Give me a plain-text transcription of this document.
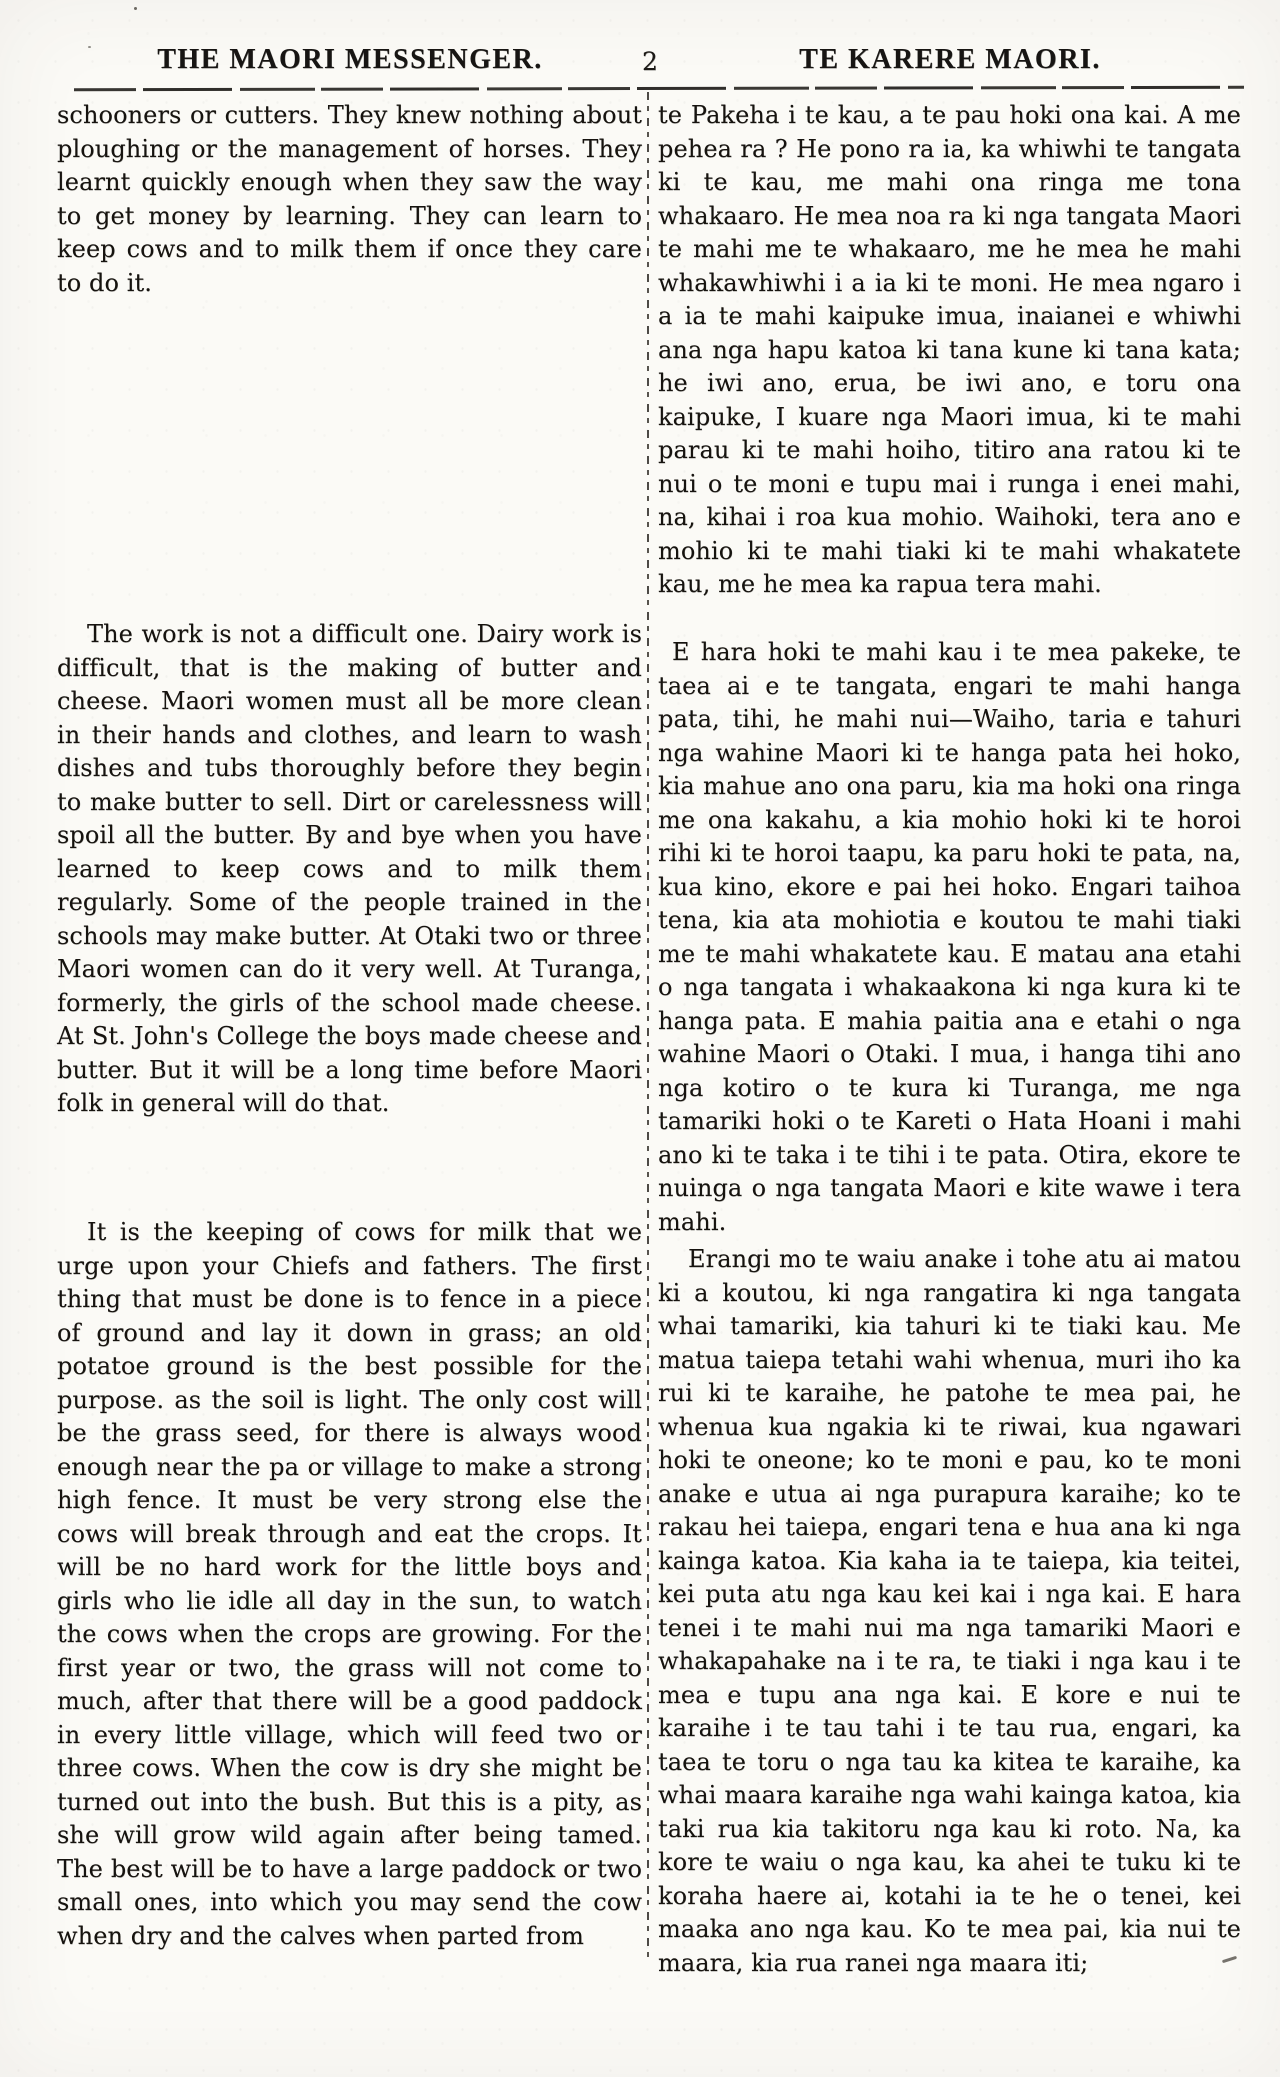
THE MAORI MESSENGER.	2	TE KARERE MAORI.

schooners or cutters. They knew nothing about ploughing or the management of horses. They learnt quickly enough when they saw the way to get money by learning. They can learn to keep cows and to milk them if once they care to do it.

The work is not a difficult one. Dairy work is difficult, that is the making of butter and cheese. Maori women must all be more clean in their hands and clothes, and learn to wash dishes and tubs thoroughly before they begin to make butter to sell. Dirt or carelessness will spoil all the butter. By and bye when you have learned to keep cows and to milk them regularly. Some of the people trained in the schools may make butter. At Otaki two or three Maori women can do it very well. At Turanga, formerly, the girls of the school made cheese. At St. John's College the boys made cheese and butter. But it will be a long time before Maori folk in general will do that.

It is the keeping of cows for milk that we urge upon your Chiefs and fathers. The first thing that must be done is to fence in a piece of ground and lay it down in grass; an old potatoe ground is the best possible for the purpose. as the soil is light. The only cost will be the grass seed, for there is always wood enough near the pa or village to make a strong high fence. It must be very strong else the cows will break through and eat the crops. It will be no hard work for the little boys and girls who lie idle all day in the sun, to watch the cows when the crops are growing. For the first year or two, the grass will not come to much, after that there will be a good paddock in every little village, which will feed two or three cows. When the cow is dry she might be turned out into the bush. But this is a pity, as she will grow wild again after being tamed. The best will be to have a large paddock or two small ones, into which you may send the cow when dry and the calves when parted from

te Pakeha i te kau, a te pau hoki ona kai. A me pehea ra ? He pono ra ia, ka whiwhi te tangata ki te kau, me mahi ona ringa me tona whakaaro. He mea noa ra ki nga tangata Maori te mahi me te whakaaro, me he mea he mahi whakawhiwhi i a ia ki te moni. He mea ngaro i a ia te mahi kaipuke imua, inaianei e whiwhi ana nga hapu katoa ki tana kune ki tana kata; he iwi ano, erua, be iwi ano, e toru ona kaipuke, I kuare nga Maori imua, ki te mahi parau ki te mahi hoiho, titiro ana ratou ki te nui o te moni e tupu mai i runga i enei mahi, na, kihai i roa kua mohio. Waihoki, tera ano e mohio ki te mahi tiaki ki te mahi whakatete kau, me he mea ka rapua tera mahi.

E hara hoki te mahi kau i te mea pakeke, te taea ai e te tangata, engari te mahi hanga pata, tihi, he mahi nui—Waiho, taria e tahuri nga wahine Maori ki te hanga pata hei hoko, kia mahue ano ona paru, kia ma hoki ona ringa me ona kakahu, a kia mohio hoki ki te horoi rihi ki te horoi taapu, ka paru hoki te pata, na, kua kino, ekore e pai hei hoko. Engari taihoa tena, kia ata mohiotia e koutou te mahi tiaki me te mahi whakatete kau. E matau ana etahi o nga tangata i whakaakona ki nga kura ki te hanga pata. E mahia paitia ana e etahi o nga wahine Maori o Otaki. I mua, i hanga tihi ano nga kotiro o te kura ki Turanga, me nga tamariki hoki o te Kareti o Hata Hoani i mahi ano ki te taka i te tihi i te pata. Otira, ekore te nuinga o nga tangata Maori e kite wawe i tera mahi.

Erangi mo te waiu anake i tohe atu ai matou ki a koutou, ki nga rangatira ki nga tangata whai tamariki, kia tahuri ki te tiaki kau. Me matua taiepa tetahi wahi whenua, muri iho ka rui ki te karaihe, he patohe te mea pai, he whenua kua ngakia ki te riwai, kua ngawari hoki te oneone; ko te moni e pau, ko te moni anake e utua ai nga purapura karaihe; ko te rakau hei taiepa, engari tena e hua ana ki nga kainga katoa. Kia kaha ia te taiepa, kia teitei, kei puta atu nga kau kei kai i nga kai. E hara tenei i te mahi nui ma nga tamariki Maori e whakapahake na i te ra, te tiaki i nga kau i te mea e tupu ana nga kai. E kore e nui te karaihe i te tau tahi i te tau rua, engari, ka taea te toru o nga tau ka kitea te karaihe, ka whai maara karaihe nga wahi kainga katoa, kia taki rua kia takitoru nga kau ki roto. Na, ka kore te waiu o nga kau, ka ahei te tuku ki te koraha haere ai, kotahi ia te he o tenei, kei maaka ano nga kau. Ko te mea pai, kia nui te maara, kia rua ranei nga maara iti;
